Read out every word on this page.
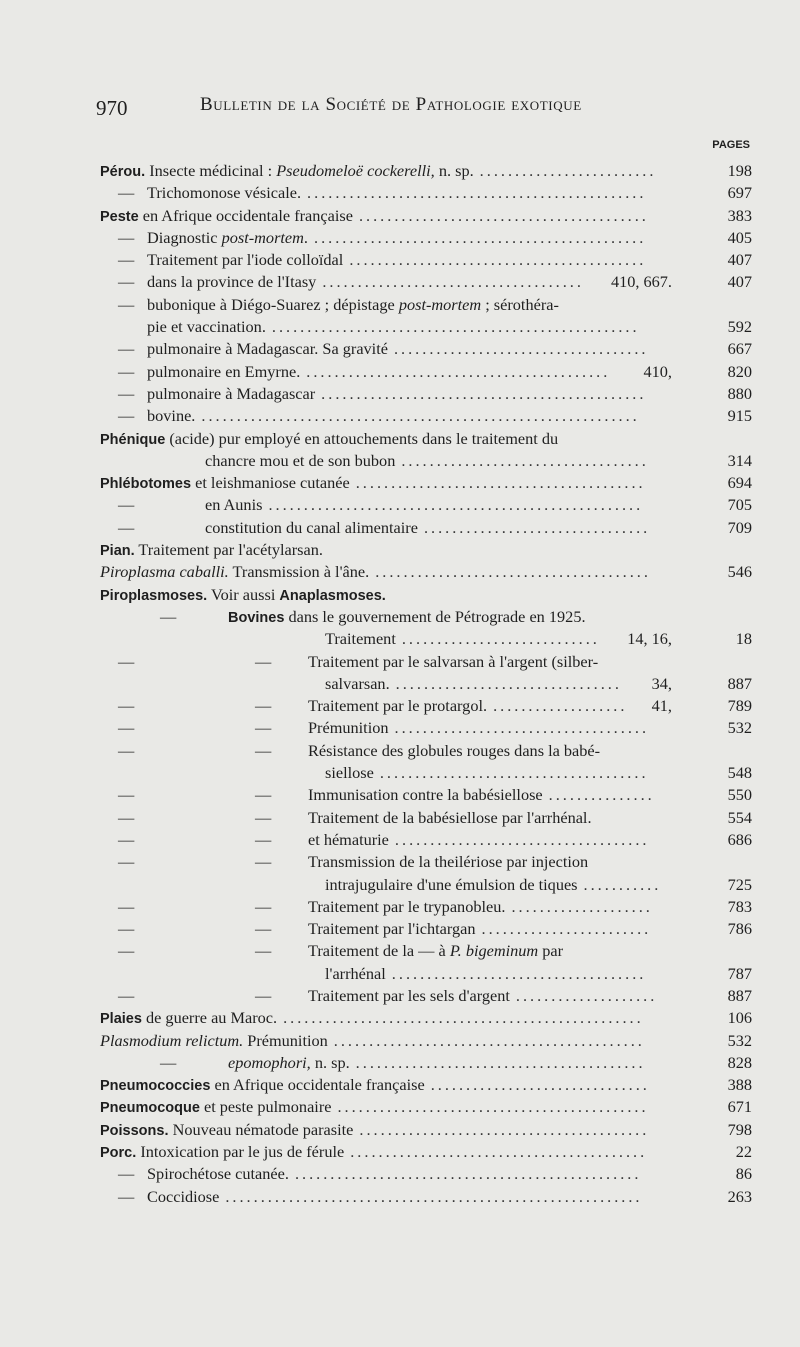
970	Bulletin de la Société de Pathologie exotique
PAGES
Pérou. Insecte médicinal : Pseudomeloë cockerelli, n. sp.	198
.........................
— Trichomonose vésicale.	697
................................................
Peste en Afrique occidentale française	383
.........................................
— Diagnostic post-mortem.	405
...............................................
— Traitement par l'iode colloïdal	407
..........................................
— dans la province de l'Itasy	410, 667.	407
.....................................
— bubonique à Diégo-Suarez ; dépistage post-mortem ; sérothéra-
pie et vaccination.	592
....................................................
— pulmonaire à Madagascar. Sa gravité	667
....................................
— pulmonaire en Emyrne.	410,	820
...........................................
— pulmonaire à Madagascar	880
..............................................
— bovine.	915
..............................................................
Phénique (acide) pur employé en attouchements dans le traitement du
chancre mou et de son bubon	314
...................................
Phlébotomes et leishmaniose cutanée	694
.........................................
—	en Aunis	705
.....................................................
—	constitution du canal alimentaire	709
................................
Pian. Traitement par l'acétylarsan.
Piroplasma caballi. Transmission à l'âne.	546
.......................................
Piroplasmoses. Voir aussi Anaplasmoses.
—	Bovines dans le gouvernement de Pétrograde en 1925.
Traitement	14, 16,	18
............................
—	— Traitement par le salvarsan à l'argent (silber-
salvarsan.	34,	887
................................
—	— Traitement par le protargol.	41,	789
...................
—	— Prémunition	532
....................................
—	— Résistance des globules rouges dans la babé-
siellose	548
......................................
—	— Immunisation contre la babésiellose	550
...............
—	— Traitement de la babésiellose par l'arrhénal.	554
—	— et hématurie	686
....................................
—	— Transmission de la theilériose par injection
intrajugulaire d'une émulsion de tiques	725
...........
—	— Traitement par le trypanobleu.	783
....................
—	— Traitement par l'ichtargan	786
........................
—	— Traitement de la — à P. bigeminum par
l'arrhénal	787
....................................
—	— Traitement par les sels d'argent	887
....................
Plaies de guerre au Maroc.	106
...................................................
Plasmodium relictum. Prémunition	532
............................................
—	epomophori, n. sp.	828
.........................................
Pneumococcies en Afrique occidentale française	388
...............................
Pneumocoque et peste pulmonaire	671
............................................
Poissons. Nouveau nématode parasite	798
.........................................
Porc. Intoxication par le jus de férule	22
..........................................
— Spirochétose cutanée.	86
.................................................
— Coccidiose	263
...........................................................
